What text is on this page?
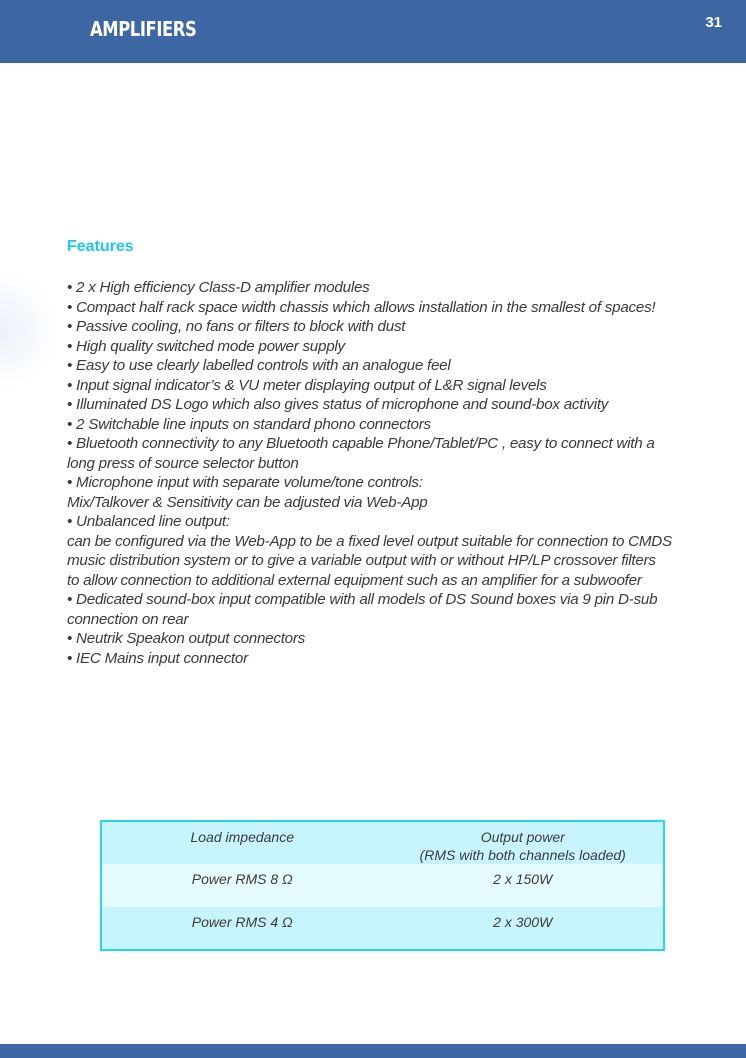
AMPLIFIERS	31
Features
• 2 x High efficiency Class-D amplifier modules
• Compact half rack space width chassis which allows installation in the smallest of spaces!
• Passive cooling, no fans or filters to block with dust
• High quality switched mode power supply
• Easy to use clearly labelled controls with an analogue feel
• Input signal indicator’s & VU meter displaying output of L&R signal levels
• Illuminated DS Logo which also gives status of microphone and sound-box activity
• 2 Switchable line inputs on standard phono connectors
• Bluetooth connectivity to any Bluetooth capable Phone/Tablet/PC , easy to connect with a
long press of source selector button
• Microphone input with separate volume/tone controls:
Mix/Talkover & Sensitivity can be adjusted via Web-App
• Unbalanced line output:
can be configured via the Web-App to be a fixed level output suitable for connection to CMDS
music distribution system or to give a variable output with or without HP/LP crossover filters
to allow connection to additional external equipment such as an amplifier for a subwoofer
• Dedicated sound-box input compatible with all models of DS Sound boxes via 9 pin D-sub
connection on rear
• Neutrik Speakon output connectors
• IEC Mains input connector
Load impedance	Output power
(RMS with both channels loaded)
Power RMS 8 Ω	2 x 150W
Power RMS 4 Ω	2 x 300W
